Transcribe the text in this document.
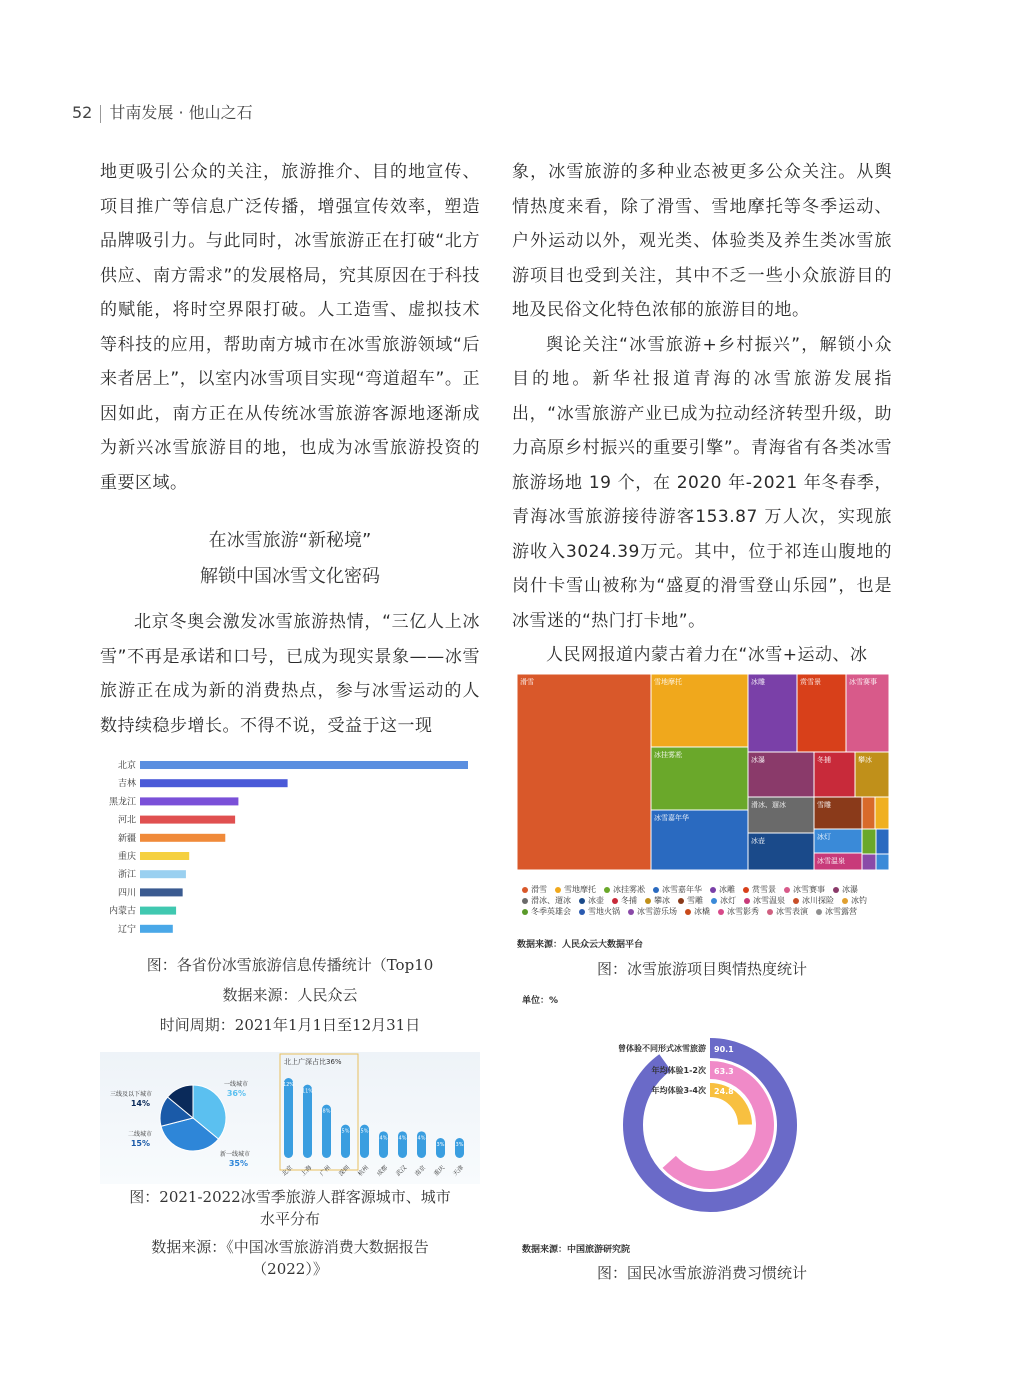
52 甘南发展 · 他山之石

地更吸引公众的关注，旅游推介、目的地宣传、项目推广等信息广泛传播，增强宣传效率，塑造品牌吸引力。与此同时，冰雪旅游正在打破“北方供应、南方需求”的发展格局，究其原因在于科技的赋能，将时空界限打破。人工造雪、虚拟技术等科技的应用，帮助南方城市在冰雪旅游领域“后来者居上”，以室内冰雪项目实现“弯道超车”。正因如此，南方正在从传统冰雪旅游客源地逐渐成为新兴冰雪旅游目的地，也成为冰雪旅游投资的重要区域。

在冰雪旅游“新秘境”
解锁中国冰雪文化密码

北京冬奥会激发冰雪旅游热情，“三亿人上冰雪”不再是承诺和口号，已成为现实景象——冰雪旅游正在成为新的消费热点，参与冰雪运动的人数持续稳步增长。不得不说，受益于这一现

象，冰雪旅游的多种业态被更多公众关注。从舆情热度来看，除了滑雪、雪地摩托等冬季运动、户外运动以外，观光类、体验类及养生类冰雪旅游项目也受到关注，其中不乏一些小众旅游目的地及民俗文化特色浓郁的旅游目的地。

舆论关注“冰雪旅游+乡村振兴”，解锁小众目的地。新华社报道青海的冰雪旅游发展指出，“冰雪旅游产业已成为拉动经济转型升级，助力高原乡村振兴的重要引擎”。青海省有各类冰雪旅游场地 19 个，在 2020 年-2021 年冬春季，青海冰雪旅游接待游客153.87 万人次，实现旅游收入3024.39万元。其中，位于祁连山腹地的岗什卡雪山被称为“盛夏的滑雪登山乐园”，也是冰雪迷的“热门打卡地”。

人民网报道内蒙古着力在“冰雪+运动、冰

北京
吉林
黑龙江
河北
新疆
重庆
浙江
四川
内蒙古
辽宁
图：各省份冰雪旅游信息传播统计（Top10
数据来源：人民众云
时间周期：2021年1月1日至12月31日
一线城市
36%
新一线城市
35%
二线城市
15%
三线及以下城市
14%
北上广深占比36%
12%
北京
11%
上海
8%
广州
5%
深圳
5%
杭州
4%
成都
4%
武汉
4%
南京
3%
重庆
3%
天津
图：2021-2022冰雪季旅游人群客源城市、城市
水平分布
数据来源：《中国冰雪旅游消费大数据报告
（2022）》
滑雪	雪地摩托
冰挂雾凇
冰雪嘉年华
冰雕	赏雪景	冰雪赛事
冰瀑	冬捕	攀冰
滑冰、遛冰	雪雕
冰壶	冰灯
冰雪温泉
滑雪 雪地摩托 冰挂雾凇 冰雪嘉年华 冰雕 赏雪景 冰雪赛事 冰瀑滑冰、遛冰 冰壶 冬捕 攀冰 雪雕 冰灯 冰雪温泉 冰川探险 冰钓冬季英雄会 雪地火锅 冰雪游乐场 冰橇 冰雪影秀 冰雪表演 冰雪露营
数据来源：人民众云大数据平台
图：冰雪旅游项目舆情热度统计
单位：%
曾体验不同形式冰雪旅游 90.1
年均体验1-2次 63.3
年均体验3-4次 24.8
数据来源：中国旅游研究院
图：国民冰雪旅游消费习惯统计
